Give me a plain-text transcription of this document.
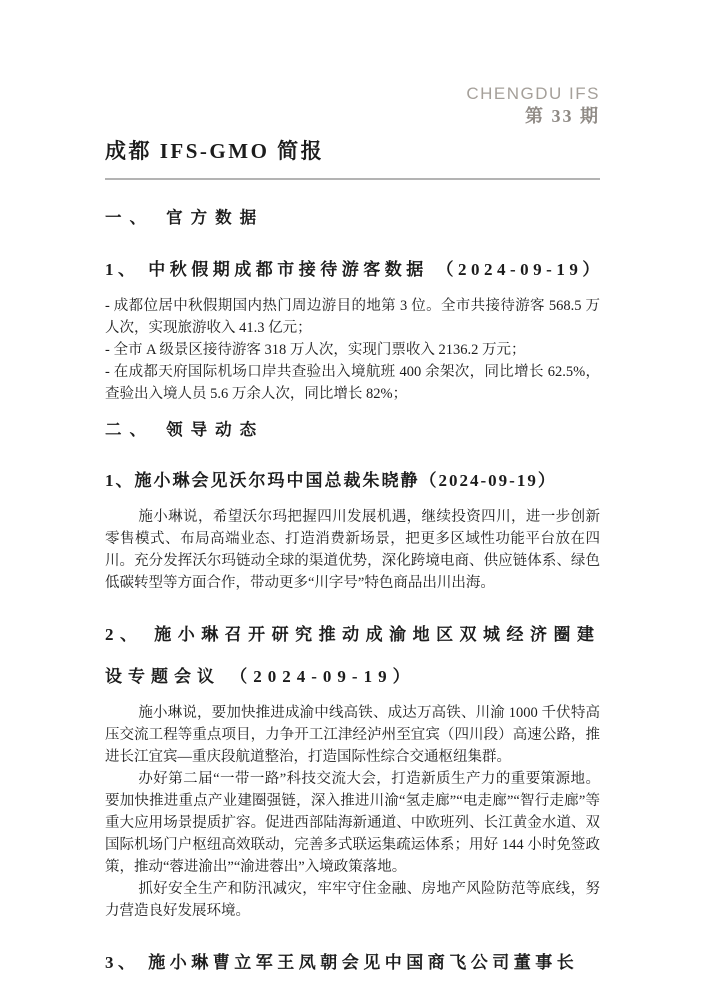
CHENGDU IFS
第 33 期
成都 IFS-GMO 简报
一、 官方数据
1、 中秋假期成都市接待游客数据 （2024-09-19）

- 成都位居中秋假期国内热门周边游目的地第 3 位。全市共接待游客 568.5 万人次，实现旅游收入 41.3 亿元；

- 全市 A 级景区接待游客 318 万人次，实现门票收入 2136.2 万元；

- 在成都天府国际机场口岸共查验出入境航班 400 余架次，同比增长 62.5%，查验出入境人员 5.6 万余人次，同比增长 82%；

二、 领导动态
1、施小琳会见沃尔玛中国总裁朱晓静（2024-09-19）

施小琳说，希望沃尔玛把握四川发展机遇，继续投资四川，进一步创新零售模式、布局高端业态、打造消费新场景，把更多区域性功能平台放在四川。充分发挥沃尔玛链动全球的渠道优势，深化跨境电商、供应链体系、绿色低碳转型等方面合作，带动更多“川字号”特色商品出川出海。

2、 施小琳召开研究推动成渝地区双城经济圈建设专题会议 （2024-09-19）

施小琳说，要加快推进成渝中线高铁、成达万高铁、川渝 1000 千伏特高压交流工程等重点项目，力争开工江津经泸州至宜宾（四川段）高速公路，推进长江宜宾—重庆段航道整治，打造国际性综合交通枢纽集群。

办好第二届“一带一路”科技交流大会，打造新质生产力的重要策源地。要加快推进重点产业建圈强链，深入推进川渝“氢走廊”“电走廊”“智行走廊”等重大应用场景提质扩容。促进西部陆海新通道、中欧班列、长江黄金水道、双国际机场门户枢纽高效联动，完善多式联运集疏运体系；用好 144 小时免签政策，推动“蓉进渝出”“渝进蓉出”入境政策落地。

抓好安全生产和防汛减灾，牢牢守住金融、房地产风险防范等底线，努力营造良好发展环境。

3、 施小琳曹立军王凤朝会见中国商飞公司董事长
